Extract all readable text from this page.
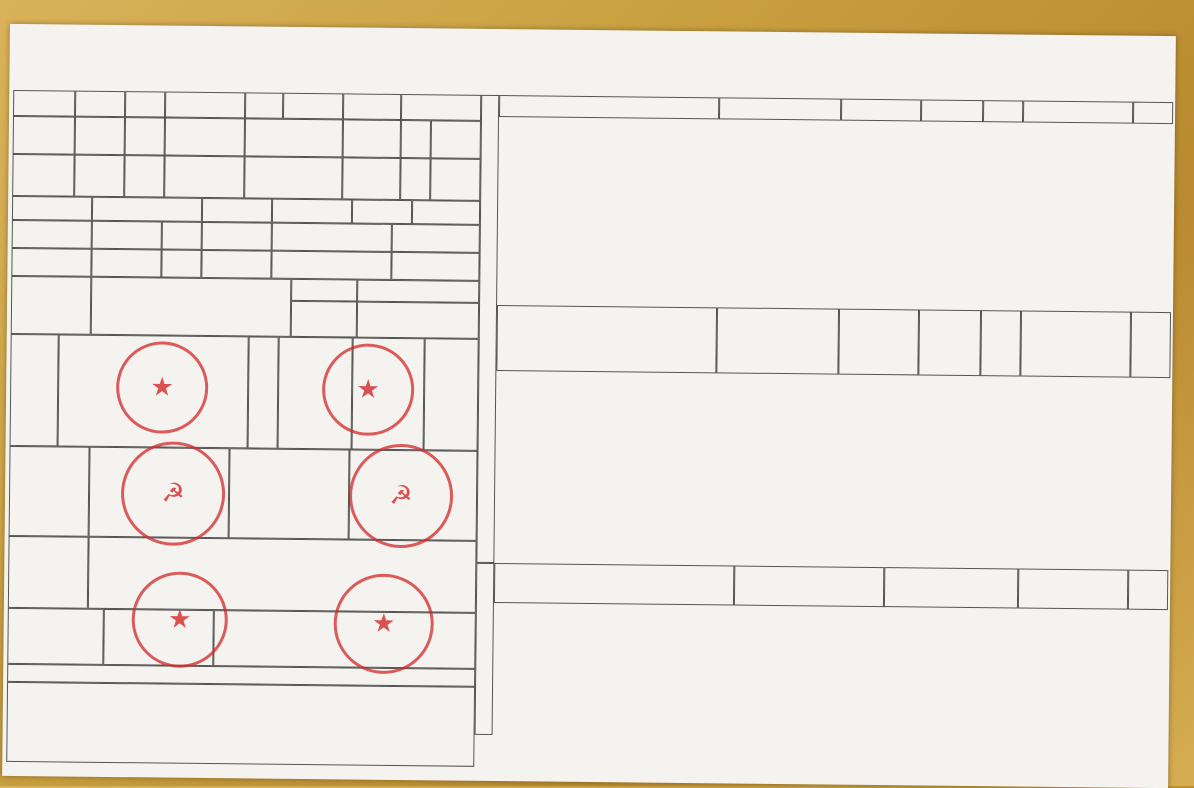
★	★
☭	☭
★	★
